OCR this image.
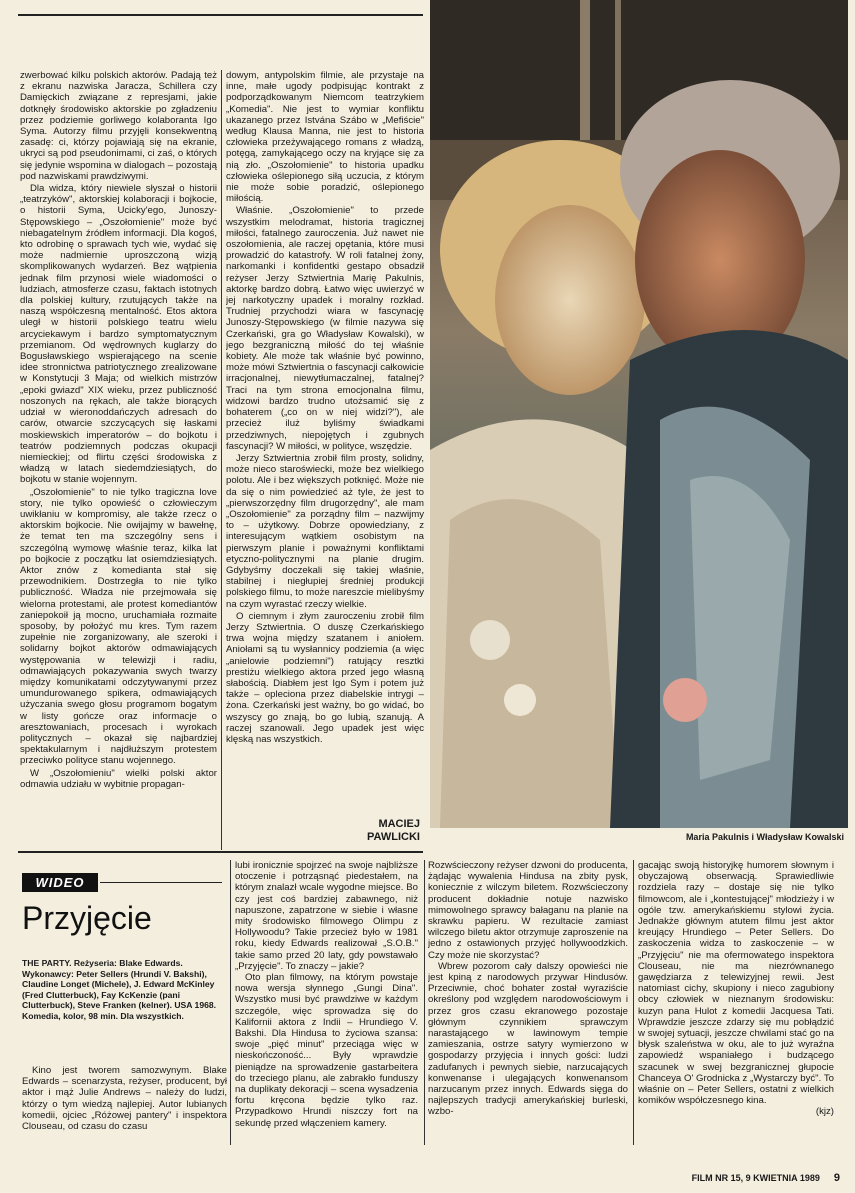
zwerbować kilku polskich aktorów. Padają też z ekranu nazwiska Jaracza, Schillera czy Damięckich związane z represjami, jakie dotknęły środowisko aktorskie po zgładzeniu przez podziemie gorliwego kolaboranta Igo Syma. Autorzy filmu przyjęli konsekwentną zasadę: ci, którzy pojawiają się na ekranie, ukryci są pod pseudonimami, ci zaś, o których się jedynie wspomina w dialogach – pozostają pod nazwiskami prawdziwymi.

Dla widza, który niewiele słyszał o historii „teatrzyków", aktorskiej kolaboracji i bojkocie, o historii Syma, Ucicky'ego, Junoszy-Stępowskiego – „Oszołomienie" może być niebagatelnym źródłem informacji. Dla kogoś, kto odrobinę o sprawach tych wie, wydać się może nadmiernie uproszczoną wizją skomplikowanych wydarzeń. Bez wątpienia jednak film przynosi wiele wiadomości o ludziach, atmosferze czasu, faktach istotnych dla polskiej kultury, rzutujących także na naszą współczesną mentalność. Etos aktora uległ w historii polskiego teatru wielu arcyciekawym i bardzo symptomatycznym przemianom. Od wędrownych kuglarzy do Bogusławskiego wspierającego na scenie idee stronnictwa patriotycznego zrealizowane w Konstytucji 3 Maja; od wielkich mistrzów „epoki gwiazd" XIX wieku, przez publiczność noszonych na rękach, ale także biorących udział w wieronoddańczych adresach do carów, otwarcie szczycących się łaskami moskiewskich imperatorów – do bojkotu i teatrów podziemnych podczas okupacji niemieckiej; od flirtu części środowiska z władzą w latach siedemdziesiątych, do bojkotu w stanie wojennym.

„Oszołomienie" to nie tylko tragiczna love story, nie tylko opowieść o człowieczym uwikłaniu w kompromisy, ale także rzecz o aktorskim bojkocie. Nie owijajmy w bawełnę, że temat ten ma szczególny sens i szczególną wymowę właśnie teraz, kilka lat po bojkocie z początku lat osiemdziesiątych. Aktor znów z komedianta stał się przewodnikiem. Dostrzegła to nie tylko publiczność. Władza nie przejmowała się wielorna protestami, ale protest komediantów zaniepokoił ją mocno, uruchamiała rozmaite sposoby, by położyć mu kres. Tym razem zupełnie nie zorganizowany, ale szeroki i solidarny bojkot aktorów odmawiających występowania w telewizji i radiu, odmawiających pokazywania swych twarzy między komunikatami odczytywanymi przez umundurowanego spikera, odmawiających użyczania swego głosu programom bogatym w listy gończe oraz informacje o aresztowaniach, procesach i wyrokach politycznych – okazał się najbardziej spektakularnym i najdłuższym protestem przeciwko polityce stanu wojennego.

W „Oszołomieniu" wielki polski aktor odmawia udziału w wybitnie propagan-

dowym, antypolskim filmie, ale przystaje na inne, małe ugody podpisując kontrakt z podporządkowanym Niemcom teatrzykiem „Komedia". Nie jest to wymiar konfliktu ukazanego przez Istvána Szábo w „Mefiście" według Klausa Manna, nie jest to historia człowieka przeżywającego romans z władzą, potęgą, zamykającego oczy na kryjące się za nią zło. „Oszołomienie" to historia upadku człowieka oślepionego siłą uczucia, z którym nie może sobie poradzić, oślepionego miłością.

Właśnie. „Oszołomienie" to przede wszystkim melodramat, historia tragicznej miłości, fatalnego zauroczenia. Już nawet nie oszołomienia, ale raczej opętania, które musi prowadzić do katastrofy. W roli fatalnej żony, narkomanki i konfidentki gestapo obsadził reżyser Jerzy Sztwiertnia Marię Pakulnis, aktorkę bardzo dobrą. Łatwo więc uwierzyć w jej narkotyczny upadek i moralny rozkład. Trudniej przychodzi wiara w fascynację Junoszy-Stępowskiego (w filmie nazywa się Czerkański, gra go Władysław Kowalski), w jego bezgraniczną miłość do tej właśnie kobiety. Ale może tak właśnie być powinno, może mówi Sztwiertnia o fascynacji całkowicie irracjonalnej, niewytłumaczalnej, fatalnej? Traci na tym strona emocjonalna filmu, widzowi bardzo trudno utożsamić się z bohaterem („co on w niej widzi?"), ale przecież iluż byliśmy świadkami przedziwnych, niepojętych i zgubnych fascynacji? W miłości, w polityce, wszędzie.

Jerzy Sztwiertnia zrobił film prosty, solidny, może nieco staroświecki, może bez wielkiego polotu. Ale i bez większych potknięć. Może nie da się o nim powiedzieć aż tyle, że jest to „pierwszorzędny film drugorzędny", ale mam „Oszołomienie" za porządny film – nazwijmy to – użytkowy. Dobrze opowiedziany, z interesującym wątkiem osobistym na pierwszym planie i poważnymi konfliktami etyczno-politycznymi na planie drugim. Gdybyśmy doczekali się takiej właśnie, stabilnej i niegłupiej średniej produkcji polskiego filmu, to może nareszcie mielibyśmy na czym wyrastać rzeczy wielkie.

O ciemnym i złym zauroczeniu zrobił film Jerzy Sztwiertnia. O duszę Czerkańskiego trwa wojna między szatanem i aniołem. Aniołami są tu wysłannicy podziemia (a więc „anielowie podziemni") ratujący resztki prestiżu wielkiego aktora przed jego własną słabością. Diabłem jest Igo Sym i potem już także – opleciona przez diabelskie intrygi – żona. Czerkański jest ważny, bo go widać, bo wszyscy go znają, bo go lubią, szanują. A raczej szanowali. Jego upadek jest więc klęską nas wszystkich.

MACIEJ
PAWLICKI	Maria Pakulnis i Władysław Kowalski
WIDEO
Przyjęcie
THE PARTY. Reżyseria: Blake Edwards. Wykonawcy: Peter Sellers (Hrundi V. Bakshi), Claudine Longet (Michele), J. Edward McKinley (Fred Clutterbuck), Fay KcKenzie (pani Clutterbuck), Steve Franken (kelner). USA 1968. Komedia, kolor, 98 min. Dla wszystkich.

Kino jest tworem samozwynym. Blake Edwards – scenarzysta, reżyser, producent, był aktor i mąż Julie Andrews – należy do ludzi, którzy o tym wiedzą najlepiej. Autor lubianych komedii, ojciec „Różowej pantery" i inspektora Clouseau, od czasu do czasu

lubi ironicznie spojrzeć na swoje najbliższe otoczenie i potrząsnąć piedestałem, na którym znalazł wcale wygodne miejsce. Bo czy jest coś bardziej zabawnego, niż napuszone, zapatrzone w siebie i własne mity środowisko filmowego Olimpu z Hollywoodu? Takie przecież było w 1981 roku, kiedy Edwards realizował „S.O.B." takie samo przed 20 laty, gdy powstawało „Przyjęcie". To znaczy – jakie?

Oto plan filmowy, na którym powstaje nowa wersja słynnego „Gungi Dina". Wszystko musi być prawdziwe w każdym szczególe, więc sprowadza się do Kalifornii aktora z Indii – Hrundiego V. Bakshi. Dla Hindusa to życiowa szansa: swoje „pięć minut" przeciąga więc w nieskończoność... Były wprawdzie pieniądze na sprowadzenie gastarbeitera do trzeciego planu, ale zabrakło funduszy na duplikaty dekoracji – scena wysadzenia fortu kręcona będzie tylko raz. Przypadkowo Hrundi niszczy fort na sekundę przed włączeniem kamery.

Rozwścieczony reżyser dzwoni do producenta, żądając wywalenia Hindusa na zbity pysk, koniecznie z wilczym biletem. Rozwścieczony producent dokładnie notuje nazwisko mimowolnego sprawcy bałaganu na planie na skrawku papieru. W rezultacie zamiast wilczego biletu aktor otrzymuje zaproszenie na jedno z ostawionych przyjęć hollywoodzkich. Czy może nie skorzystać?

Wbrew pozorom cały dalszy opowieści nie jest kpiną z narodowych przywar Hindusów. Przeciwnie, choć bohater został wyraziście określony pod względem narodowościowym i przez gros czasu ekranowego pozostaje głównym czynnikiem sprawczym narastającego w lawinowym tempie zamieszania, ostrze satyry wymierzono w gospodarzy przyjęcia i innych gości: ludzi zadufanych i pewnych siebie, narzucających konwenanse i ulegających konwenansom narzucanym przez innych. Edwards sięga do najlepszych tradycji amerykańskiej burleski, wzbo-

gacając swoją historyjkę humorem słownym i obyczajową obserwacją. Sprawiedliwie rozdziela razy – dostaje się nie tylko filmowcom, ale i „kontestującej" młodzieży i w ogóle tzw. amerykańskiemu stylowi życia. Jednakże głównym atutem filmu jest aktor kreujący Hrundiego – Peter Sellers. Do zaskoczenia widza to zaskoczenie – w „Przyjęciu" nie ma ofermowatego inspektora Clouseau, nie ma niezrównanego gawędziarza z telewizyjnej rewii. Jest natomiast cichy, skupiony i nieco zagubiony obcy człowiek w nieznanym środowisku: kuzyn pana Hulot z komedii Jacquesa Tati. Wprawdzie jeszcze zdarzy się mu pobłądzić w swojej sytuacji, jeszcze chwilami stać go na błysk szaleństwa w oku, ale to już wyraźna zapowiedź wspaniałego i budzącego szacunek w swej bezgranicznej głupocie Chanceya O' Grodnicka z „Wystarczy być". To właśnie on – Peter Sellers, ostatni z wielkich komików współczesnego kina.

(kjz)

FILM NR 15, 9 KWIETNIA 1989 9
